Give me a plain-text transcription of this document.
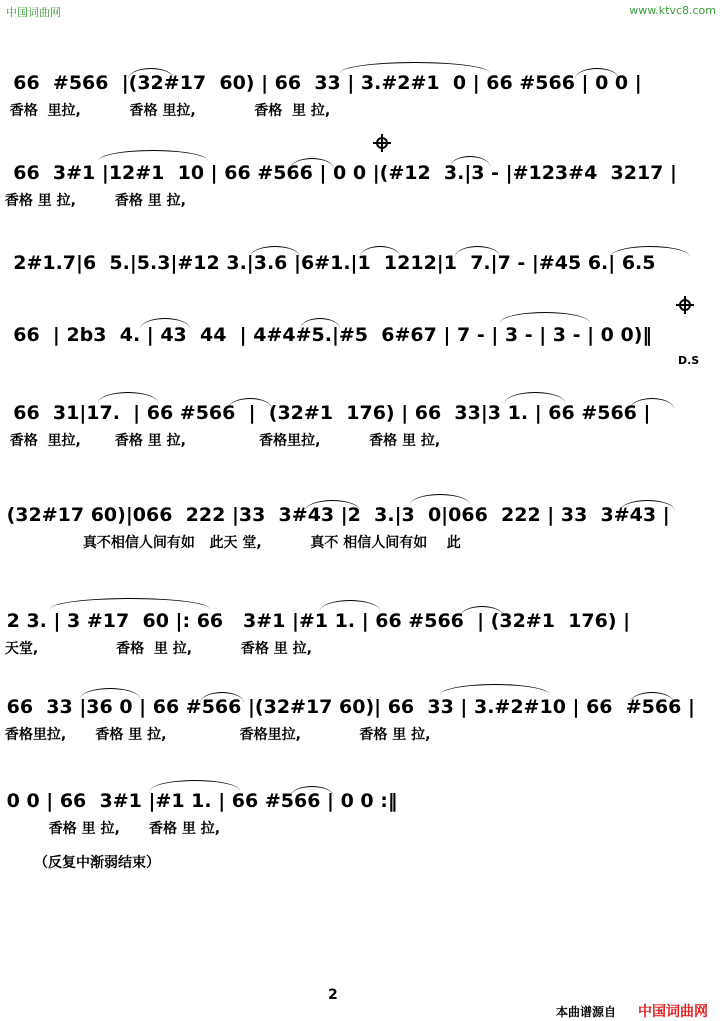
中国词曲网	www.ktvc8.com
66  #566  |(32#17  60) | 66  33 | 3.#2#1  0 | 66 #566 | 0 0 |
香格  里拉,          香格 里拉,            香格  里 拉,
66  3#1 |12#1  10 | 66 #566 | 0 0 |(#12  3.|3 - |#123#4  3217 |
香格 里 拉,        香格 里 拉,
2#1.7|6  5.|5.3|#12 3.|3.6 |6#1.|1  1212|1  7.|7 - |#45 6.| 6.5
66  | 2b3  4. | 43  44  | 4#4#5.|#5  6#67 | 7 - | 3 - | 3 - | 0 0)‖
D.S
66  31|17.  | 66 #566  |  (32#1  176) | 66  33|3 1. | 66 #566 |
香格  里拉,       香格 里 拉,               香格里拉,          香格 里 拉,
(32#17 60)|066  222 |33  3#43 |2  3.|3  0|066  222 | 33  3#43 |
真不相信人间有如   此天 堂,          真不 相信人间有如    此
2 3. | 3 #17  60 |: 66   3#1 |#1 1. | 66 #566  | (32#1  176) |
天堂,                香格  里 拉,          香格 里 拉,
66  33 |36 0 | 66 #566 |(32#17 60)| 66  33 | 3.#2#10 | 66  #566 |
香格里拉,      香格 里 拉,               香格里拉,            香格 里 拉,
0 0 | 66  3#1 |#1 1. | 66 #566 | 0 0 :‖
香格 里 拉,      香格 里 拉,
（反复中渐弱结束）
2
本曲谱源自 中国词曲网
